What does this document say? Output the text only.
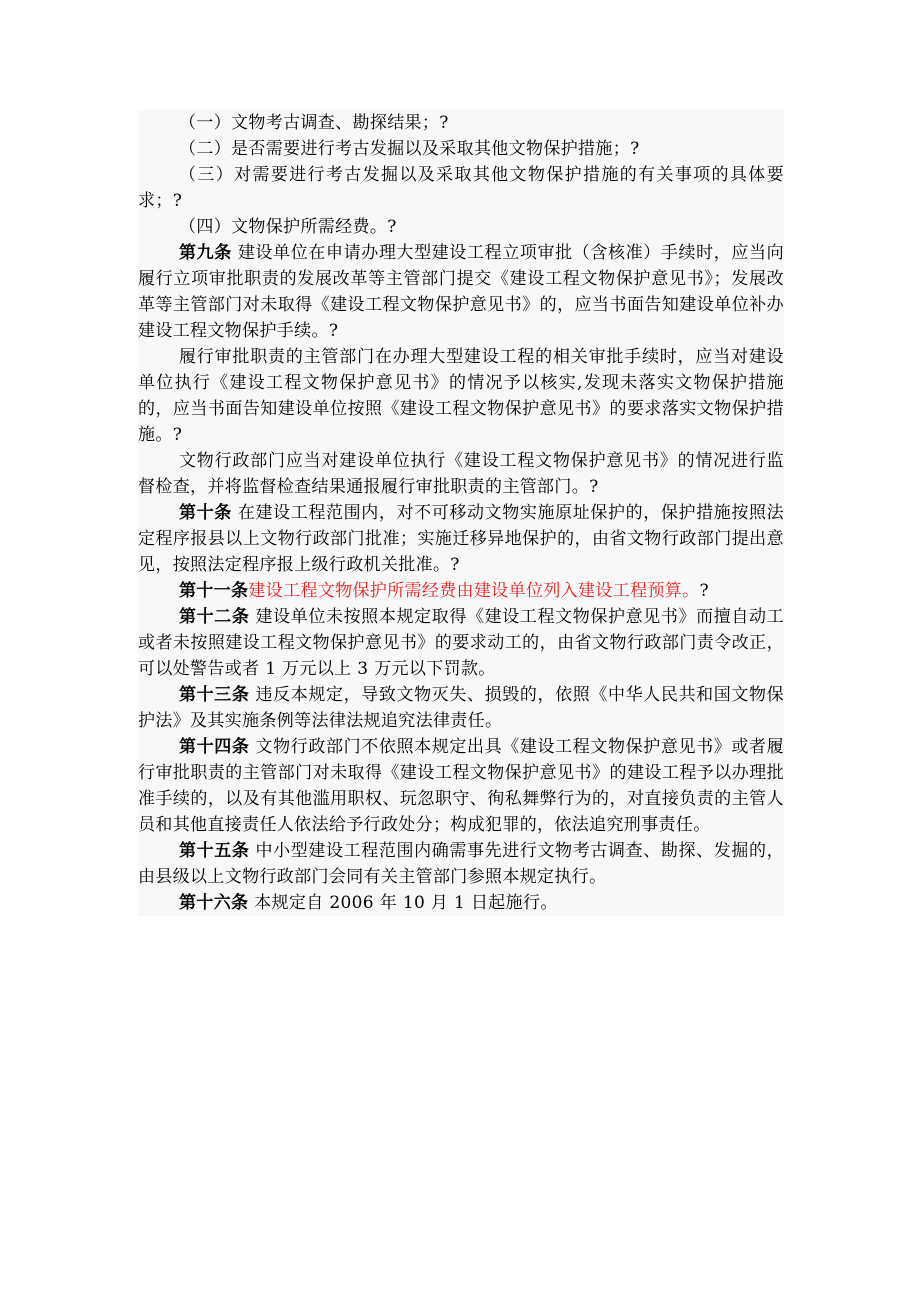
（一）文物考古调查、勘探结果；?

（二）是否需要进行考古发掘以及采取其他文物保护措施；?

（三）对需要进行考古发掘以及采取其他文物保护措施的有关事项的具体要求；?

（四）文物保护所需经费。?

第九条 建设单位在申请办理大型建设工程立项审批（含核准）手续时，应当向履行立项审批职责的发展改革等主管部门提交《建设工程文物保护意见书》；发展改革等主管部门对未取得《建设工程文物保护意见书》的，应当书面告知建设单位补办建设工程文物保护手续。?

履行审批职责的主管部门在办理大型建设工程的相关审批手续时，应当对建设单位执行《建设工程文物保护意见书》的情况予以核实,发现未落实文物保护措施的，应当书面告知建设单位按照《建设工程文物保护意见书》的要求落实文物保护措施。?

文物行政部门应当对建设单位执行《建设工程文物保护意见书》的情况进行监督检查，并将监督检查结果通报履行审批职责的主管部门。?

第十条 在建设工程范围内，对不可移动文物实施原址保护的，保护措施按照法定程序报县以上文物行政部门批准；实施迁移异地保护的，由省文物行政部门提出意见，按照法定程序报上级行政机关批准。?

第十一条建设工程文物保护所需经费由建设单位列入建设工程预算。?

第十二条 建设单位未按照本规定取得《建设工程文物保护意见书》而擅自动工或者未按照建设工程文物保护意见书》的要求动工的，由省文物行政部门责令改正，可以处警告或者 1 万元以上 3 万元以下罚款。

第十三条 违反本规定，导致文物灭失、损毁的，依照《中华人民共和国文物保护法》及其实施条例等法律法规追究法律责任。

第十四条 文物行政部门不依照本规定出具《建设工程文物保护意见书》或者履行审批职责的主管部门对未取得《建设工程文物保护意见书》的建设工程予以办理批准手续的，以及有其他滥用职权、玩忽职守、徇私舞弊行为的，对直接负责的主管人员和其他直接责任人依法给予行政处分；构成犯罪的，依法追究刑事责任。

第十五条 中小型建设工程范围内确需事先进行文物考古调查、勘探、发掘的，由县级以上文物行政部门会同有关主管部门参照本规定执行。

第十六条 本规定自 2006 年 10 月 1 日起施行。
